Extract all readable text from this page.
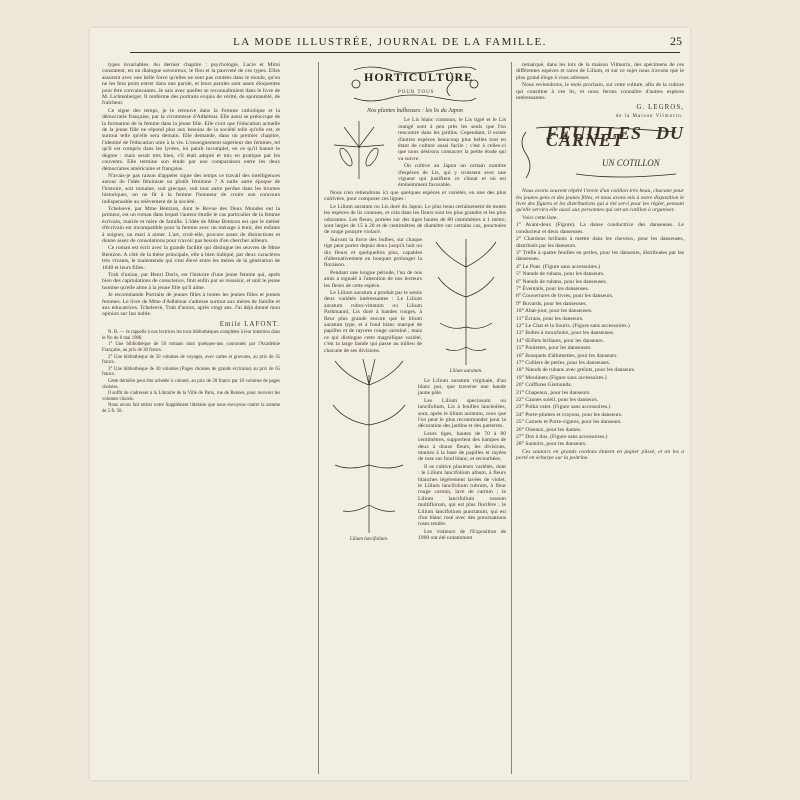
LA MODE ILLUSTRÉE, JOURNAL DE LA FAMILLE.	25

types invariables. Au dernier chapitre : psychologie, Lucie et Mimi constatent, en un dialogue savoureux, le flou et la pauvreté de ces types. Elles assurent avec une belle force qu'elles ne sont pas contées dans le moule, qu'on ne les fera point entrer dans une parole, et leurs paroles sont assez éloquentes pour être convaincantes. Je sais avec quelles se reconnaîtraient dans le livre de M. Lichtenberger. Il renferme des portraits exquis de vérité, de spontanéité, de fraîcheur.

Ce signe des temps, je le retrouve dans la Femme catholique et la démocratie française, par la vicomtesse d'Adhémar. Elle aussi se préoccupe de la formation de la femme dans la jeune fille. Elle croit que l'éducation actuelle de la jeune fille ne répond plus aux besoins de la société telle qu'elle est, et surtout telle qu'elle sera demain. Elle demande, dans un premier chapitre, l'identité de l'éducation unie à la vie. L'enseignement supérieur des femmes, tel qu'il est compris dans les lycées, lui paraît incomplet, en ce qu'il bannit le dogme : mais serait très bien, s'il était adopté et mis en pratique par les couvents. Elle termine son étude par une comparaison entre les deux démocraties américaine et française.

N'avais-je pas raison d'appeler signe des temps ce travail des intelligences autour de l'idée féministe ou plutôt féminine ? A nulle autre époque de l'histoire, soit romaine, soit grecque, soit tout autre perdue dans les brumes historiques, on ne fit à la femme l'honneur de croire son concours indispensable au relèvement de la société.

Tchelsevé, par Mme Bentzon, dont le Revue des Deux Mondes eut la primeur, est un roman dans lequel l'auteur étudie le cas particulier de la femme écrivain, mariée et mère de famille. L'idée de Mme Bentzon est que le métier d'écrivain est incompatible pour la femme avec un ménage à tenir, des enfants à soigner, un mari à aimer. L'art, croit-elle, procure assez de distractions et donne assez de consolations pour n'avoir pas besoin d'en chercher ailleurs.

Ce roman est écrit avec la grande facilité qui distingue les œuvres de Mme Bentzon. A côté de la thèse principale, elle a bien indiqué, par deux caractères très vivants, le malentendu qui s'est élevé entre les mères de la génération de 1848 et leurs filles.

Trait d'union, par Henri Doris, est l'histoire d'une jeune femme qui, après bien des capitulations de conscience, finit enfin par se ressaisir, et unit le jeune homme qu'elle aime à la jeune fille qu'il aime.

Je recommande Portraits de jeunes filles à toutes les jeunes filles et jeunes femmes. Le livre de Mme d'Adhémar s'adresse surtout aux mères de famille et aux éducatrices. Tchelsevé, Trait d'union, après vingt ans. J'ai déjà donné mon opinion sur Ino noble.

Emile LAFONT.

N. B. — Je rappelle à nos lectrices les trois bibliothèques complètes à leur intention dans le No du 6 mai 1900.

1° Une bibliothèque de 50 romans dont quelques-uns couronnés par l'Académie Française, au prix de 30 francs.

2° Une bibliothèque de 50 volumes de voyages, avec cartes et gravures, au prix de 35 francs.

3° Une bibliothèque de 30 volumes (Pages choisies de grands écrivains) au prix de 65 francs.

Cette dernière peut être achetée à volonté, au prix de 20 francs par 10 volumes de pages choisies.

Il suffit de s'adresser à la Librairie de la Ville de Paris, rue de Rennes, pour recevoir les volumes choisis.

Nous avons fait retirer notre Supplément littéraire que nous envoyons contre la somme de 5 fr. 50.

HORTICULTURE
POUR TOUS
Nos plantes bulbeuses : les lis du Japon

Le Lis blanc commun, le Lis tigré et le Lis orangé sont à peu près les seuls que l'on rencontre dans les jardins. Cependant, il existe d'autres espèces beaucoup plus belles tout en étant de culture aussi facile ; c'est à celles-ci que nous désirons consacrer la petite étude qui va suivre.

On cultive au Japon un certain nombre d'espèces de Lis, qui y croissent avec une vigueur qui justifient ce climat et où est éminemment favorable.

Nous n'en retiendrons ici que quelques espèces et variétés, en une des plus cultivées, pour composer ces lignes :

Le Lilium auratum ou Lis doré du Japon. Le plus beau certainement de toutes les espèces de lis connues, et cela dans les fleurs sont les plus grandes et les plus odorantes. Les fleurs, portées sur des tiges hautes de 80 centimètres à 1 mètre, sont larges de 15 à 20 et de centimètres de diamètre sur certains cas, ponctuées de rouge pourpre violacé.

Lilium auratum.

Suivant la force des bulbes, sur chaque tige peut porter depuis deux jusqu'à huit ou dix fleurs et quelquefois plus, capables d'alternativement en bouquet prolonger la floraison.

Pendant une longue période, l'un de nos amis a signalé à l'attention de nos lecteurs les fleurs de cette espèce.

Le Lilium auratum a produit par le semis deux variétés intéressantes : Le Lilium auratum rubro-vittatum ou Lilium Parkmanni, Lis doré à bandes rouges, à fleur plus grande encore que le lilium auratum type, et à fond blanc marqué de papilles et de rayures rouge carminé ; mais ce qui distingue cette magnifique variété, c'est la large bande qui passe au milieu de chacune de ses divisions.

Lilium lancifolium.

Le Lilium auratum virginale, d'un blanc pur, que traverse une bande jaune pâle.

Les Lilium speciosum ou lancifolium, Lis à feuilles lancéolées, sont, après le lilium auratum, ceux que l'on peut le plus recommander pour la décoration des jardins et des parterres.

Leurs tiges, hautes de 70 à 80 centimètres, supportent des hampes de deux à douze fleurs, les divisions, munies à la base de papilles et rayées de rose sur fond blanc, et recourbées.

Il se cultive plusieurs variétés, dont : le Lilium lancifolium album, à fleurs blanches légèrement lavées de violet, le Lilium lancifolium rubrum, à fleur rouge carmin, lavé de carmin ; le Lilium lancifolium roseum multiflorum, qui est plus florifère ; le Lilium lancifolium punctatum, qui est d'un blanc rosé avec des ponctuations roses tendre.

Les visiteurs de l'Exposition de 1900 ont été notamment

remarqué, dans les lots de la maison Vilmorin, des spécimens de ces différentes espèces et races de Lilium, et sur ce sujet nous n'avons que le plus grand éloge à vous adresser.

Nous reviendrons, le mois prochain, sur cette culture, afin de la culture qui constitue à ces lis, et nous ferons connaître d'autres espèces intéressantes.

G. LEGROS,
de la Maison Vilmorin.
FEUILLES DU CARNET
UN COTILLON

Nous avons souvent répété l'envie d'un cotillon très beau, chacune pour les jeunes gens et des jeunes filles, et nous avons mis à notre disposition le livre des figures et les distributions qui a été servi pour les régler, pensant qu'elle servira elle aussi aux personnes qui ont un cotillon à organiser.

Voici cette liste.

1° Avant-deux (Figure). La danse conductrice des danseuses. Le conducteur et deux danseuses.

2° Chardons brillants à mettre dans les cheveux, pour les danseuses, distribués par les danseurs.

3° Trèfle à quatre feuilles en perles, pour les danseurs, distribuées par les danseuses.

4° Le Pont. (Figure sans accessoires.)

5° Nœuds de rubans, pour les danseurs.

6° Nœuds de rubans, pour les danseuses.

7° Éventails, pour les danseuses.

8° Couvertures de livres, pour les danseurs.

9° Buvards, pour les danseuses.

10° Abat-jour, pour les danseuses.

11° Écrans, pour les danseurs.

12° Le Chat et la Souris. (Figure sans accessoires.)

13° Boîtes à mouchoirs, pour les danseuses.

14° Œillets brillants, pour les danseurs.

15° Poulettes, pour les danseuses.

16° Bouquets d'allumettes, pour les danseurs.

17° Colliers de perles, pour les danseuses.

18° Nœuds de rubans avec grelots, pour les danseurs.

19° Moulinets (Figure sans accessoires.)

20° Coiffures Gismonda.

21° Chapeaux, pour les danseurs.

22° Cannes soleil, pour les danseurs.

23° Polka valet. (Figure sans accessoires.)

24° Porte-plumes et crayons, pour les danseurs.

25° Carnets et Porte-cigares, pour les danseurs.

26° Oiseaux, pour les dames.

27° Dos à dos. (Figure sans accessoires.)

28° Sautoirs, pour les danseurs.

Ces sautoirs en grands cordons étaient en papier plissé, et on les a porté en écharpe sur la poitrine.
